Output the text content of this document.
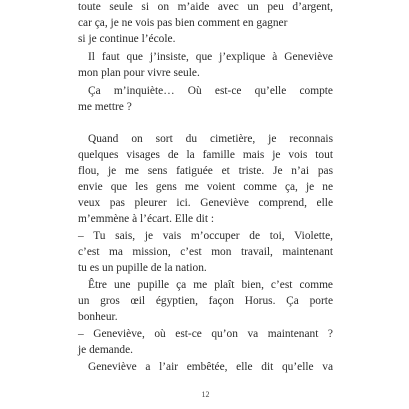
toute seule si on m’aide avec un peu d’argent,
car ça, je ne vois pas bien comment en gagner
si je continue l’école.
Il faut que j’insiste, que j’explique à Geneviève
mon plan pour vivre seule.
Ça m’inquiète… Où est-ce qu’elle compte
me mettre ?
Quand on sort du cimetière, je reconnais
quelques visages de la famille mais je vois tout
flou, je me sens fatiguée et triste. Je n’ai pas
envie que les gens me voient comme ça, je ne
veux pas pleurer ici. Geneviève comprend, elle
m’emmène à l’écart. Elle dit :
– Tu sais, je vais m’occuper de toi, Violette,
c’est ma mission, c’est mon travail, maintenant
tu es un pupille de la nation.
Être une pupille ça me plaît bien, c’est comme
un gros œil égyptien, façon Horus. Ça porte
bonheur.
– Geneviève, où est-ce qu’on va maintenant ?
je demande.
Geneviève a l’air embêtée, elle dit qu’elle va
12
